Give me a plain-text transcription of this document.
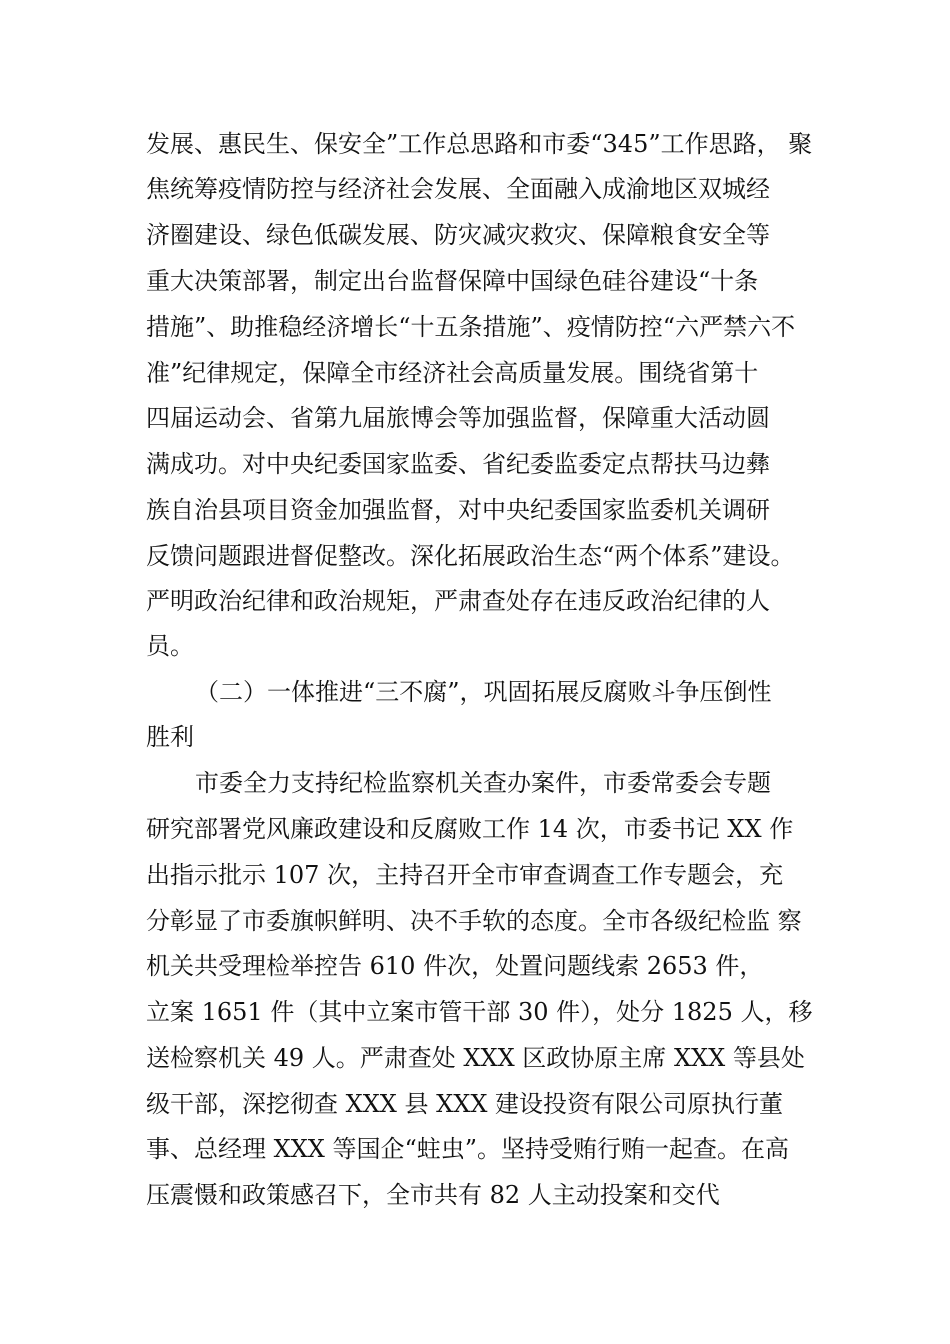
发展、惠民生、保安全”工作总思路和市委“345”工作思路， 聚
焦统筹疫情防控与经济社会发展、全面融入成渝地区双城经
济圈建设、绿色低碳发展、防灾减灾救灾、保障粮食安全等
重大决策部署，制定出台监督保障中国绿色硅谷建设“十条
措施”、助推稳经济增长“十五条措施”、疫情防控“六严禁六不
准”纪律规定，保障全市经济社会高质量发展。围绕省第十
四届运动会、省第九届旅博会等加强监督，保障重大活动圆
满成功。对中央纪委国家监委、省纪委监委定点帮扶马边彝
族自治县项目资金加强监督，对中央纪委国家监委机关调研
反馈问题跟进督促整改。深化拓展政治生态“两个体系”建设。
严明政治纪律和政治规矩，严肃查处存在违反政治纪律的人
员。
（二）一体推进“三不腐”，巩固拓展反腐败斗争压倒性
胜利
市委全力支持纪检监察机关查办案件，市委常委会专题
研究部署党风廉政建设和反腐败工作 14 次，市委书记 XX 作
出指示批示 107 次，主持召开全市审查调查工作专题会，充
分彰显了市委旗帜鲜明、决不手软的态度。全市各级纪检监 察
机关共受理检举控告 610 件次，处置问题线索 2653 件，
立案 1651 件（其中立案市管干部 30 件），处分 1825 人，移
送检察机关 49 人。严肃查处 XXX 区政协原主席 XXX 等县处
级干部，深挖彻查 XXX 县 XXX 建设投资有限公司原执行董
事、总经理 XXX 等国企“蛀虫”。坚持受贿行贿一起查。在高
压震慑和政策感召下，全市共有 82 人主动投案和交代
